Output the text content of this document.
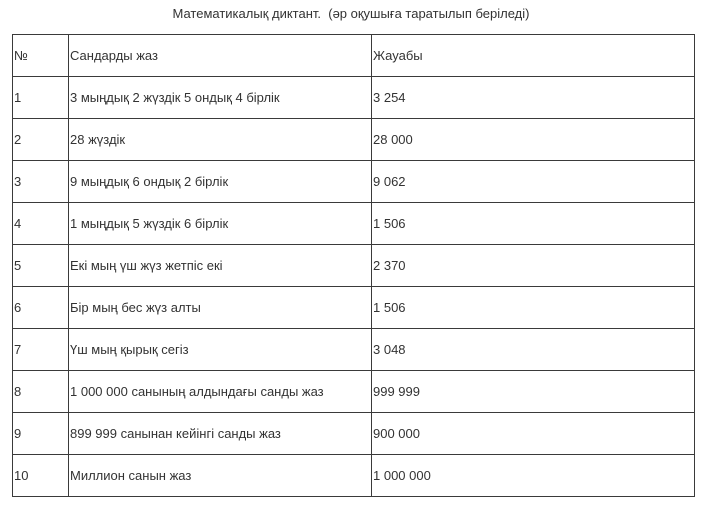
Математикалық диктант.  (әр оқушыға таратылып беріледі)
№	Сандарды жаз	Жауабы
1	3 мыңдық 2 жүздік 5 ондық 4 бірлік	3 254
2	28 жүздік	28 000
3	9 мыңдық 6 ондық 2 бірлік	9 062
4	1 мыңдық 5 жүздік 6 бірлік	1 506
5	Екі мың үш жүз жетпіс екі	2 370
6	Бір мың бес жүз алты	1 506
7	Үш мың қырық сегіз	3 048
8	1 000 000 санының алдындағы санды жаз	999 999
9	899 999 санынан кейінгі санды жаз	900 000
10	Миллион санын жаз	1 000 000
